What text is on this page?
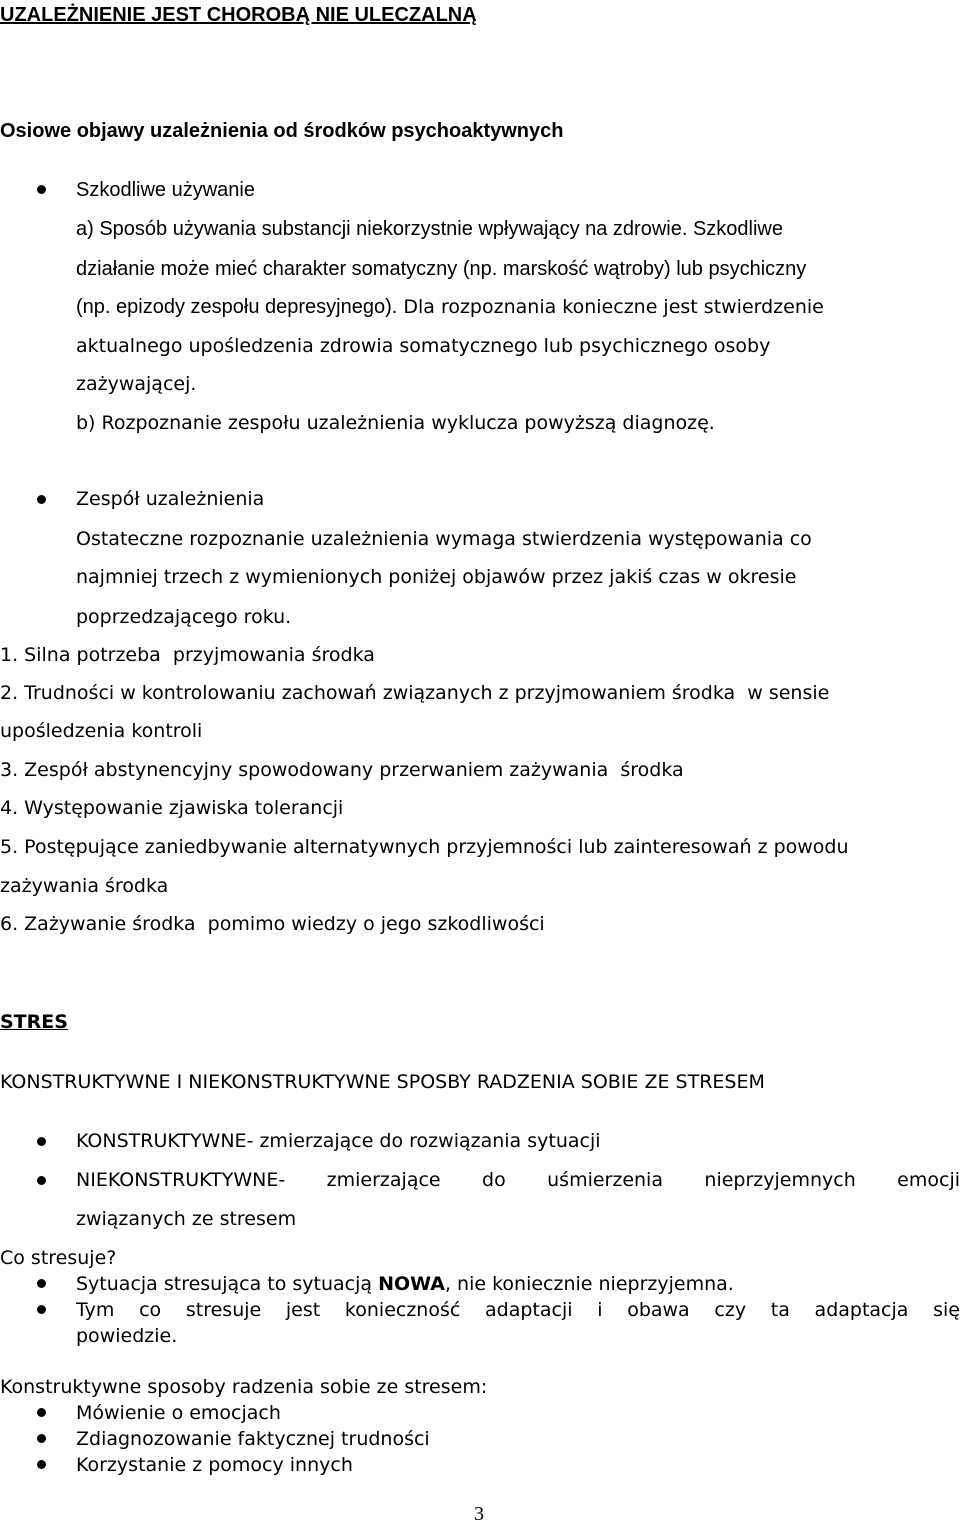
UZALEŻNIENIE JEST CHOROBĄ NIE ULECZALNĄ
Osiowe objawy uzależnienia od środków psychoaktywnych
Szkodliwe używanie
a) Sposób używania substancji niekorzystnie wpływający na zdrowie. Szkodliwe
działanie może mieć charakter somatyczny (np. marskość wątroby) lub psychiczny
(np. epizody zespołu depresyjnego). Dla rozpoznania konieczne jest stwierdzenie
aktualnego upośledzenia zdrowia somatycznego lub psychicznego osoby
zażywającej.
b) Rozpoznanie zespołu uzależnienia wyklucza powyższą diagnozę.
Zespół uzależnienia
Ostateczne rozpoznanie uzależnienia wymaga stwierdzenia występowania co
najmniej trzech z wymienionych poniżej objawów przez jakiś czas w okresie
poprzedzającego roku.
1. Silna potrzeba  przyjmowania środka
2. Trudności w kontrolowaniu zachowań związanych z przyjmowaniem środka  w sensie
upośledzenia kontroli
3. Zespół abstynencyjny spowodowany przerwaniem zażywania  środka
4. Występowanie zjawiska tolerancji
5. Postępujące zaniedbywanie alternatywnych przyjemności lub zainteresowań z powodu
zażywania środka
6. Zażywanie środka  pomimo wiedzy o jego szkodliwości
STRES
KONSTRUKTYWNE I NIEKONSTRUKTYWNE SPOSBY RADZENIA SOBIE ZE STRESEM
KONSTRUKTYWNE- zmierzające do rozwiązania sytuacji
NIEKONSTRUKTYWNE- zmierzające do uśmierzenia nieprzyjemnych emocji
związanych ze stresem
Co stresuje?
Sytuacja stresująca to sytuacją NOWA, nie koniecznie nieprzyjemna.
Tym co stresuje jest konieczność adaptacji i obawa czy ta adaptacja się
powiedzie.
Konstruktywne sposoby radzenia sobie ze stresem:
Mówienie o emocjach
Zdiagnozowanie faktycznej trudności
Korzystanie z pomocy innych
3
